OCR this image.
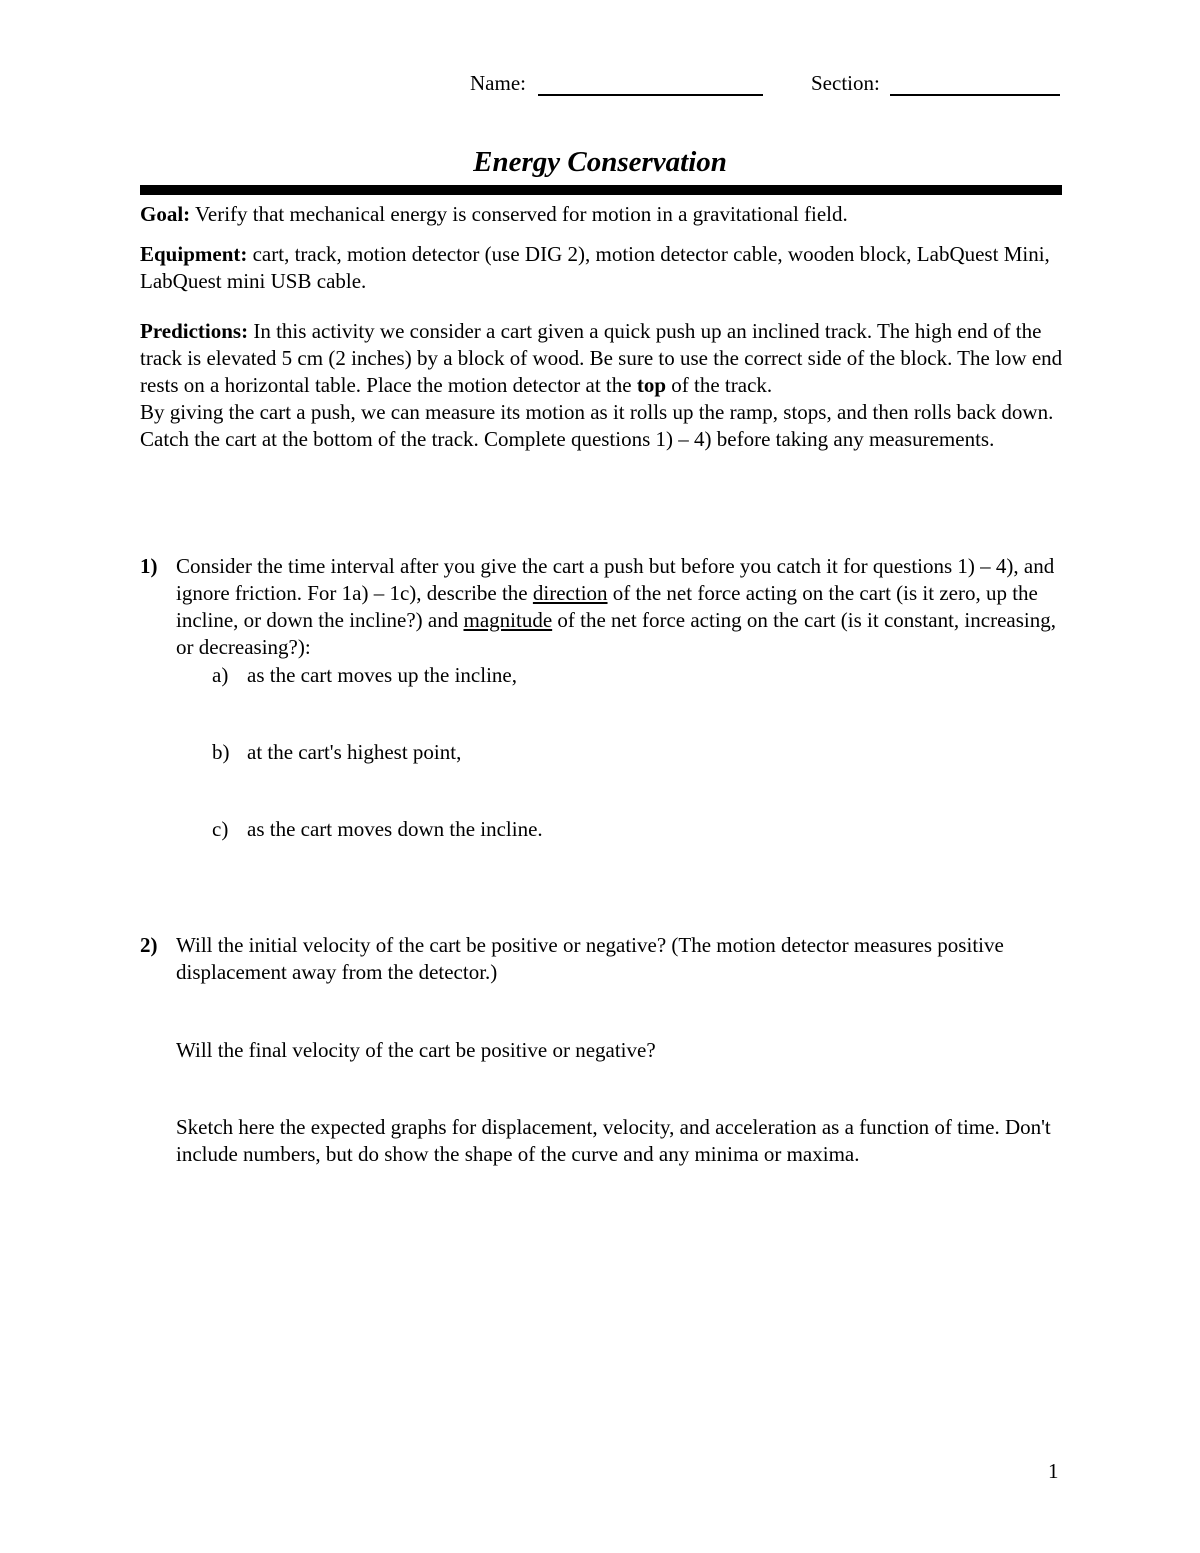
Name:	Section:
Energy Conservation

Goal: Verify that mechanical energy is conserved for motion in a gravitational field.

Equipment: cart, track, motion detector (use DIG 2), motion detector cable, wooden block, LabQuest Mini, LabQuest mini USB cable.

Predictions: In this activity we consider a cart given a quick push up an inclined track. The high end of the track is elevated 5 cm (2 inches) by a block of wood. Be sure to use the correct side of the block. The low end rests on a horizontal table. Place the motion detector at the top of the track.
By giving the cart a push, we can measure its motion as it rolls up the ramp, stops, and then rolls back down. Catch the cart at the bottom of the track. Complete questions 1) – 4) before taking any measurements.
1) Consider the time interval after you give the cart a push but before you catch it for questions 1) – 4), and ignore friction. For 1a) – 1c), describe the direction of the net force acting on the cart (is it zero, up the incline, or down the incline?) and magnitude of the net force acting on the cart (is it constant, increasing, or decreasing?):
a) as the cart moves up the incline,
b) at the cart's highest point,
c) as the cart moves down the incline.
2) Will the initial velocity of the cart be positive or negative? (The motion detector measures positive displacement away from the detector.)
Will the final velocity of the cart be positive or negative?
Sketch here the expected graphs for displacement, velocity, and acceleration as a function of time. Don't include numbers, but do show the shape of the curve and any minima or maxima.
1
